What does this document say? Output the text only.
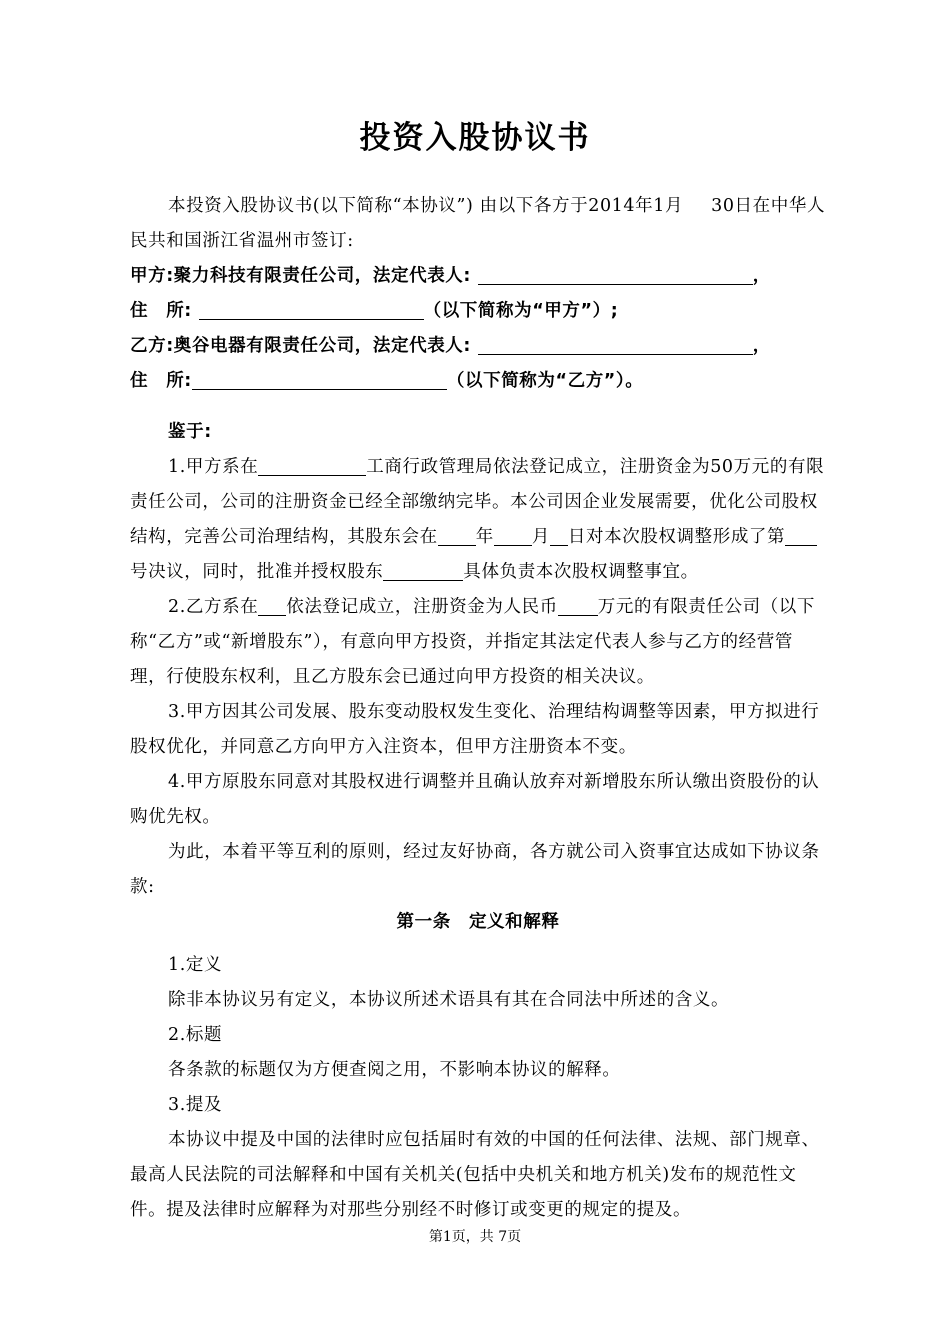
投资入股协议书

本投资入股协议书(以下简称“本协议”) 由以下各方于2014年1月 30日在中华人民共和国浙江省温州市签订:

甲方:聚力科技有限责任公司，法定代表人:	，

住　所:	（以下简称为“甲方”）;

乙方:奥谷电器有限责任公司，法定代表人:	，

住　所:	（以下简称为“乙方”）。

鉴于:

1.甲方系在	工商行政管理局依法登记成立，注册资金为50万元的有限责任公司，公司的注册资金已经全部缴纳完毕。本公司因企业发展需要，优化公司股权结构，完善公司治理结构，其股东会在 年 月 日对本次股权调整形成了第号决议，同时，批准并授权股东	具体负责本次股权调整事宜。

2.乙方系在 依法登记成立，注册资金为人民币 万元的有限责任公司（以下称“乙方”或“新增股东”），有意向甲方投资，并指定其法定代表人参与乙方的经营管理，行使股东权利，且乙方股东会已通过向甲方投资的相关决议。

3.甲方因其公司发展、股东变动股权发生变化、治理结构调整等因素，甲方拟进行股权优化，并同意乙方向甲方入注资本，但甲方注册资本不变。

4.甲方原股东同意对其股权进行调整并且确认放弃对新增股东所认缴出资股份的认购优先权。

为此，本着平等互利的原则，经过友好协商，各方就公司入资事宜达成如下协议条款:

第一条　定义和解释

1.定义

除非本协议另有定义，本协议所述术语具有其在合同法中所述的含义。

2.标题

各条款的标题仅为方便查阅之用，不影响本协议的解释。

3.提及

本协议中提及中国的法律时应包括届时有效的中国的任何法律、法规、部门规章、最高人民法院的司法解释和中国有关机关(包括中央机关和地方机关)发布的规范性文件。提及法律时应解释为对那些分别经不时修订或变更的规定的提及。

第1页，共 7页
